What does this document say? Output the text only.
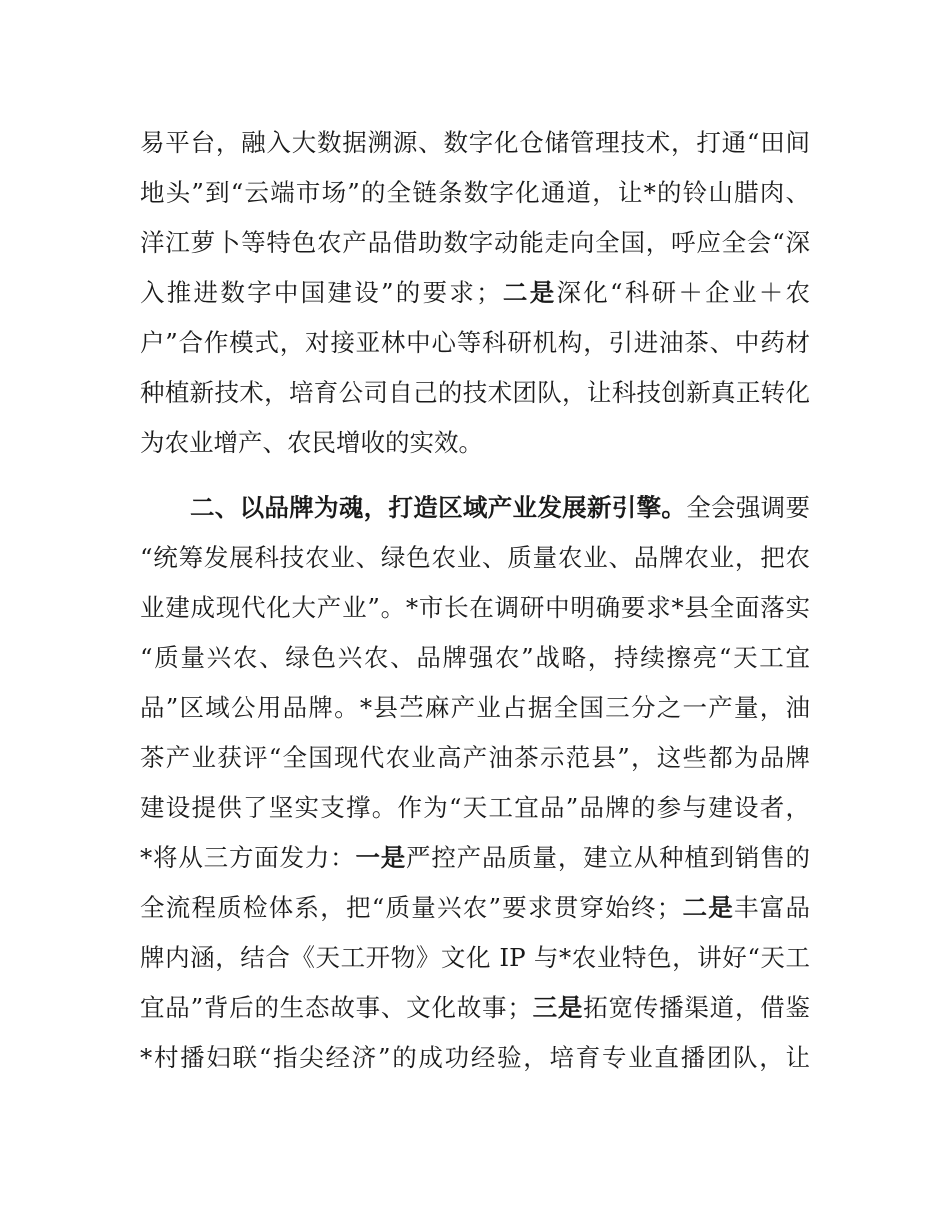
易平台，融入大数据溯源、数字化仓储管理技术，打通“田间
地头”到“云端市场”的全链条数字化通道，让*的铃山腊肉、
洋江萝卜等特色农产品借助数字动能走向全国，呼应全会“深
入推进数字中国建设”的要求；二是深化“科研＋企业＋农
户”合作模式，对接亚林中心等科研机构，引进油茶、中药材
种植新技术，培育公司自己的技术团队，让科技创新真正转化
为农业增产、农民增收的实效。
二、以品牌为魂，打造区域产业发展新引擎。全会强调要
“统筹发展科技农业、绿色农业、质量农业、品牌农业，把农
业建成现代化大产业”。*市长在调研中明确要求*县全面落实
“质量兴农、绿色兴农、品牌强农”战略，持续擦亮“天工宜
品”区域公用品牌。*县苎麻产业占据全国三分之一产量，油
茶产业获评“全国现代农业高产油茶示范县”，这些都为品牌
建设提供了坚实支撑。作为“天工宜品”品牌的参与建设者，
*将从三方面发力：一是严控产品质量，建立从种植到销售的
全流程质检体系，把“质量兴农”要求贯穿始终；二是丰富品
牌内涵，结合《天工开物》文化 IP 与*农业特色，讲好“天工
宜品”背后的生态故事、文化故事；三是拓宽传播渠道，借鉴
*村播妇联“指尖经济”的成功经验，培育专业直播团队，让
